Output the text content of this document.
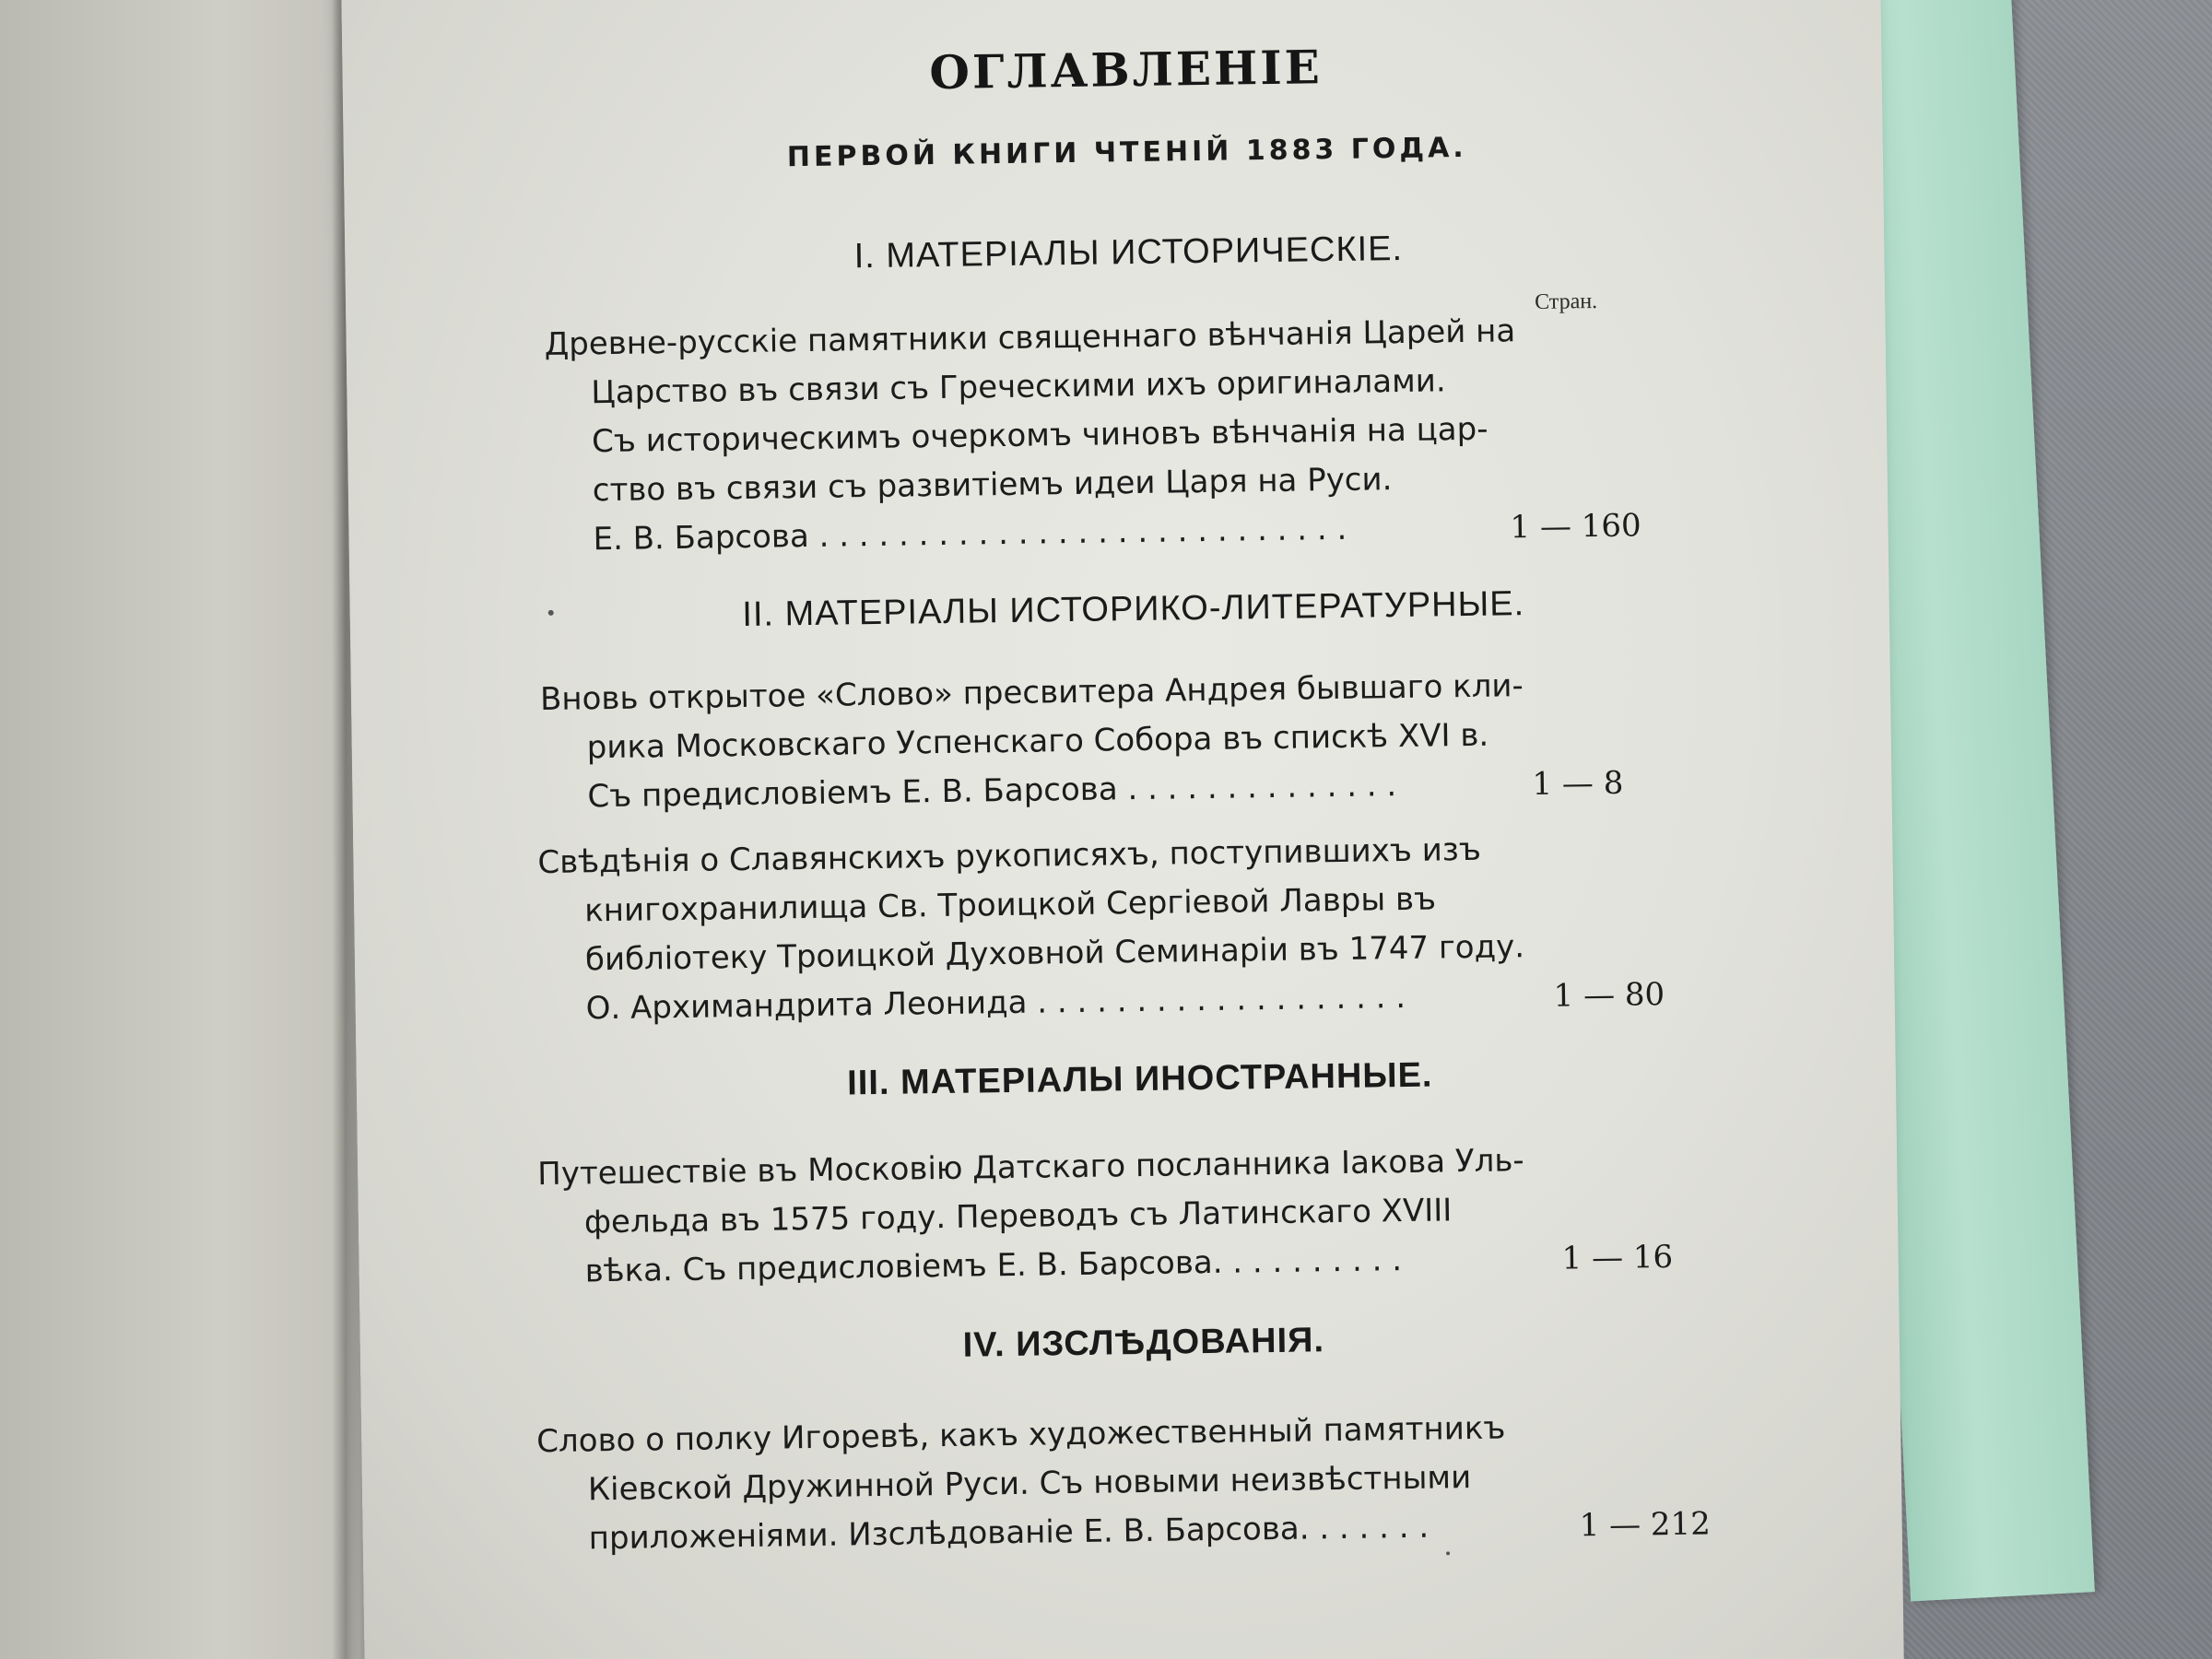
ОГЛАВЛЕНІЕ
ПЕРВОЙ КНИГИ ЧТЕНІЙ 1883 ГОДА.
I. МАТЕРІАЛЫ ИСТОРИЧЕСКІЕ.
Стран.
Древне-русскіе памятники священнаго вѣнчанія Царей на
Царство въ связи съ Греческими ихъ оригиналами.
Съ историческимъ очеркомъ чиновъ вѣнчанія на цар-
ство въ связи съ развитіемъ идеи Царя на Руси.
Е. В. Барсова . . . . . . . . . . . . . . . . . . . . . . . . . . .	1 — 160
II. МАТЕРІАЛЫ ИСТОРИКО-ЛИТЕРАТУРНЫЕ.
Вновь открытое «Слово» пресвитера Андрея бывшаго кли-
рика Московскаго Успенскаго Собора въ спискѣ XVI в.
Съ предисловіемъ Е. В. Барсова . . . . . . . . . . . . . .	1 — 8
Свѣдѣнія о Славянскихъ рукописяхъ, поступившихъ изъ
книгохранилища Св. Троицкой Сергіевой Лавры въ
библіотеку Троицкой Духовной Семинаріи въ 1747 году.
О. Архимандрита Леонида . . . . . . . . . . . . . . . . . . .	1 — 80
III. МАТЕРІАЛЫ ИНОСТРАННЫЕ.
Путешествіе въ Московію Датскаго посланника Іакова Уль-
фельда въ 1575 году. Переводъ съ Латинскаго XVIII
вѣка. Съ предисловіемъ Е. В. Барсова. . . . . . . . . .	1 — 16
IV. ИЗСЛѢДОВАНІЯ.
Слово о полку Игоревѣ, какъ художественный памятникъ
Кіевской Дружинной Руси. Съ новыми неизвѣстными
приложеніями. Изслѣдованіе Е. В. Барсова. . . . . . .	1 — 212
